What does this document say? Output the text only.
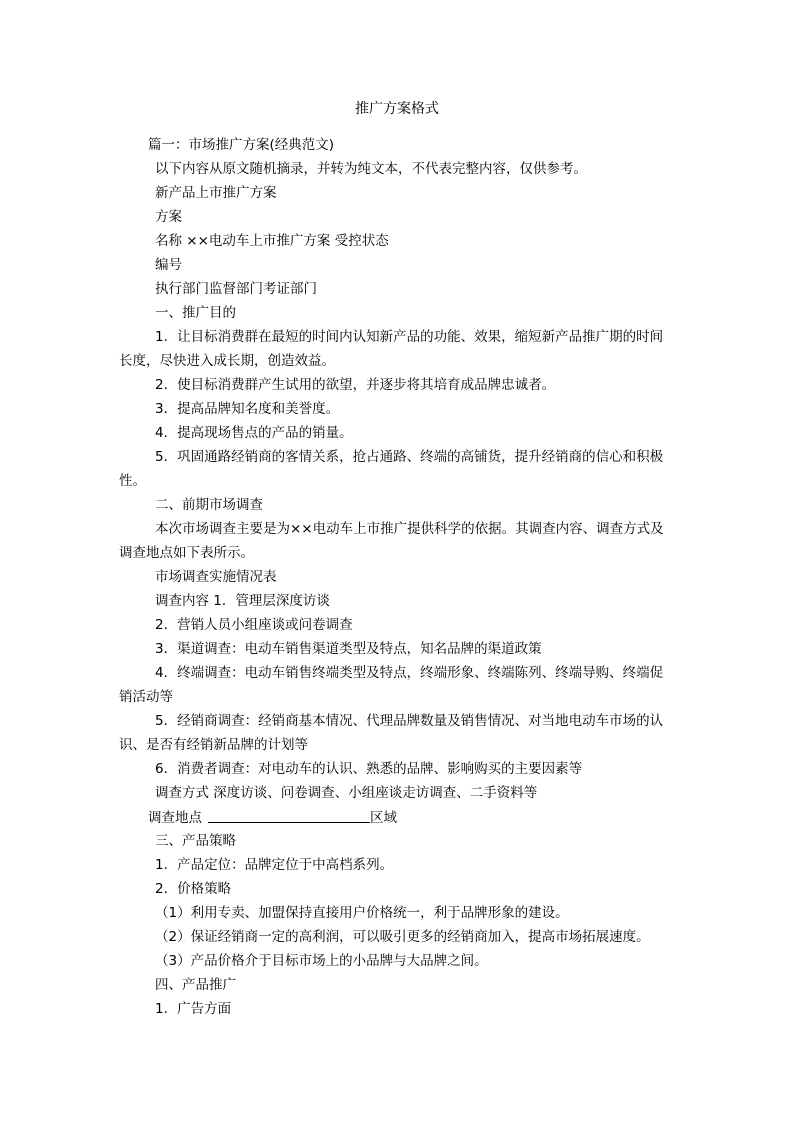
推广方案格式
篇一：市场推广方案(经典范文)
以下内容从原文随机摘录，并转为纯文本，不代表完整内容，仅供参考。
新产品上市推广方案
方案
名称 ××电动车上市推广方案 受控状态
编号
执行部门监督部门考证部门
一、推广目的
1．让目标消费群在最短的时间内认知新产品的功能、效果，缩短新产品推广期的时间
长度，尽快进入成长期，创造效益。
2．使目标消费群产生试用的欲望，并逐步将其培育成品牌忠诚者。
3．提高品牌知名度和美誉度。
4．提高现场售点的产品的销量。
5．巩固通路经销商的客情关系，抢占通路、终端的高铺货，提升经销商的信心和积极
性。
二、前期市场调查
本次市场调查主要是为××电动车上市推广提供科学的依据。其调查内容、调查方式及
调查地点如下表所示。
市场调查实施情况表
调查内容 1．管理层深度访谈
2．营销人员小组座谈或问卷调查
3．渠道调查：电动车销售渠道类型及特点，知名品牌的渠道政策
4．终端调查：电动车销售终端类型及特点，终端形象、终端陈列、终端导购、终端促
销活动等
5．经销商调查：经销商基本情况、代理品牌数量及销售情况、对当地电动车市场的认
识、是否有经销新品牌的计划等
6．消费者调查：对电动车的认识、熟悉的品牌、影响购买的主要因素等
调查方式 深度访谈、问卷调查、小组座谈走访调查、二手资料等
调查地点	区域
三、产品策略
1．产品定位：品牌定位于中高档系列。
2．价格策略
（1）利用专卖、加盟保持直接用户价格统一，利于品牌形象的建设。
（2）保证经销商一定的高利润，可以吸引更多的经销商加入，提高市场拓展速度。
（3）产品价格介于目标市场上的小品牌与大品牌之间。
四、产品推广
1．广告方面
